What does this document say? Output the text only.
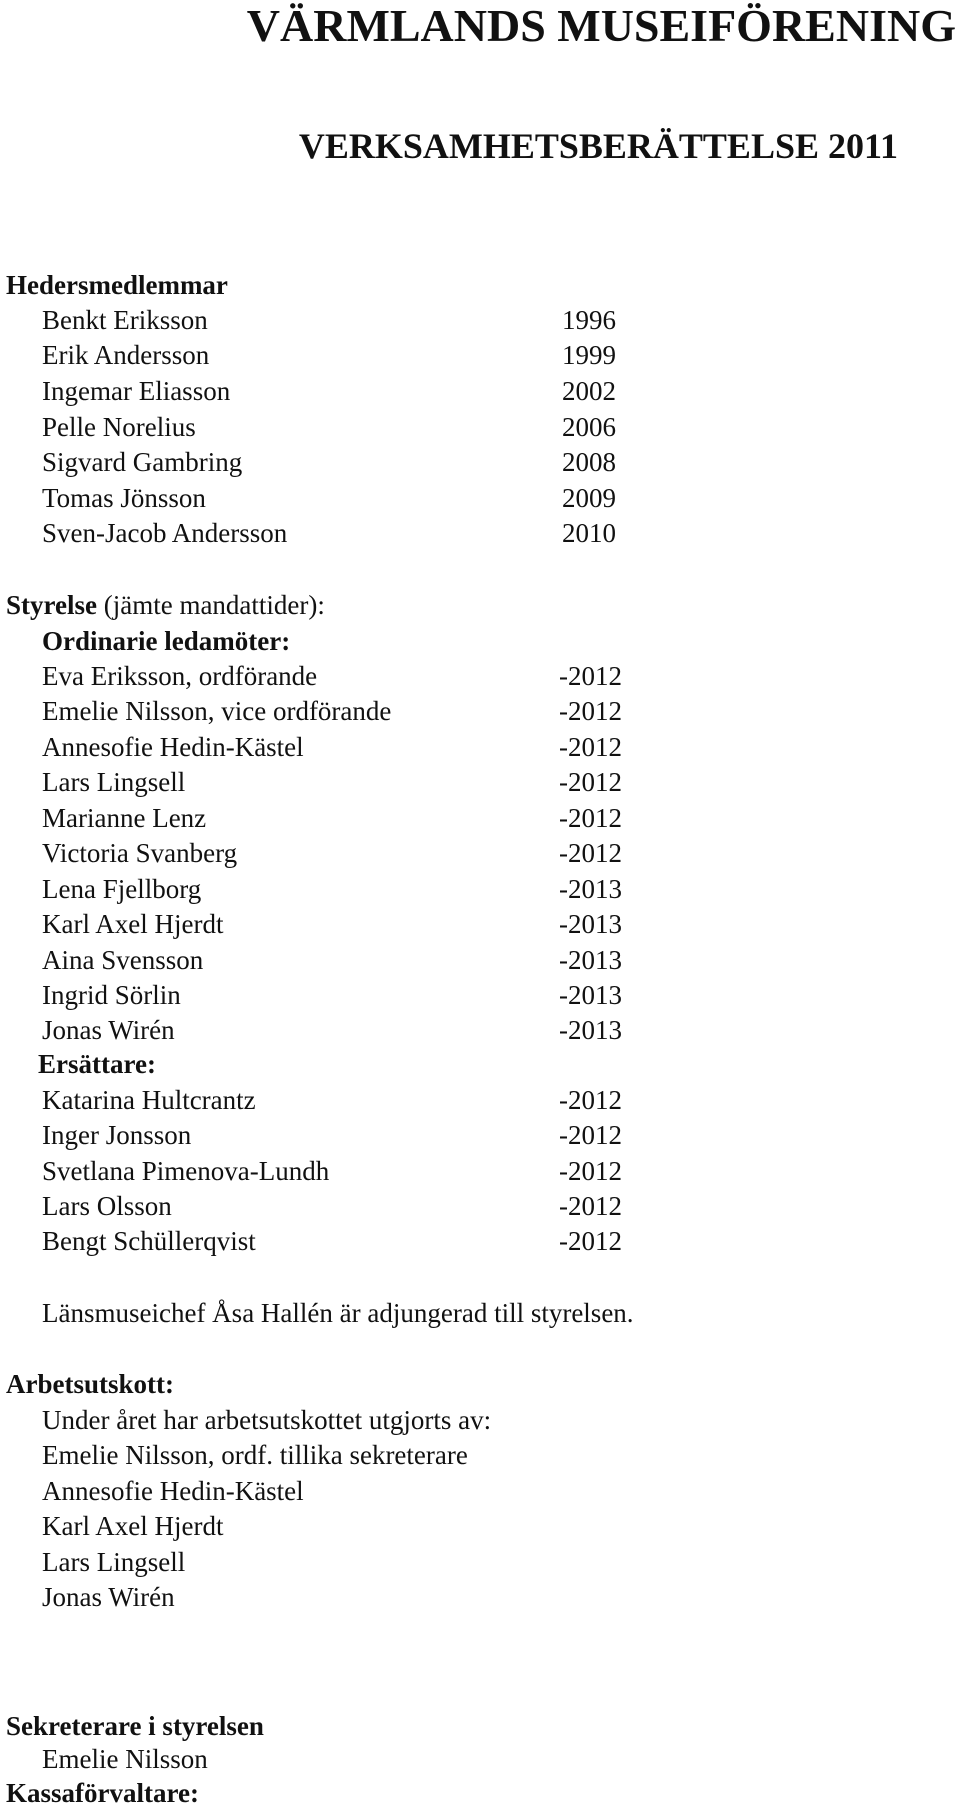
VÄRMLANDS MUSEIFÖRENING
VERKSAMHETSBERÄTTELSE 2011
Hedersmedlemmar
Benkt Eriksson	1996
Erik Andersson	1999
Ingemar Eliasson	2002
Pelle Norelius	2006
Sigvard Gambring	2008
Tomas Jönsson	2009
Sven-Jacob Andersson	2010
Styrelse (jämte mandattider):
Ordinarie ledamöter:
Eva Eriksson, ordförande	-2012
Emelie Nilsson, vice ordförande	-2012
Annesofie Hedin-Kästel	-2012
Lars Lingsell	-2012
Marianne Lenz	-2012
Victoria Svanberg	-2012
Lena Fjellborg	-2013
Karl Axel Hjerdt	-2013
Aina Svensson	-2013
Ingrid Sörlin	-2013
Jonas Wirén	-2013
Ersättare:
Katarina Hultcrantz	-2012
Inger Jonsson	-2012
Svetlana Pimenova-Lundh	-2012
Lars Olsson	-2012
Bengt Schüllerqvist	-2012
Länsmuseichef Åsa Hallén är adjungerad till styrelsen.
Arbetsutskott:
Under året har arbetsutskottet utgjorts av:
Emelie Nilsson, ordf. tillika sekreterare
Annesofie Hedin-Kästel
Karl Axel Hjerdt
Lars Lingsell
Jonas Wirén
Sekreterare i styrelsen
Emelie Nilsson
Kassaförvaltare:
